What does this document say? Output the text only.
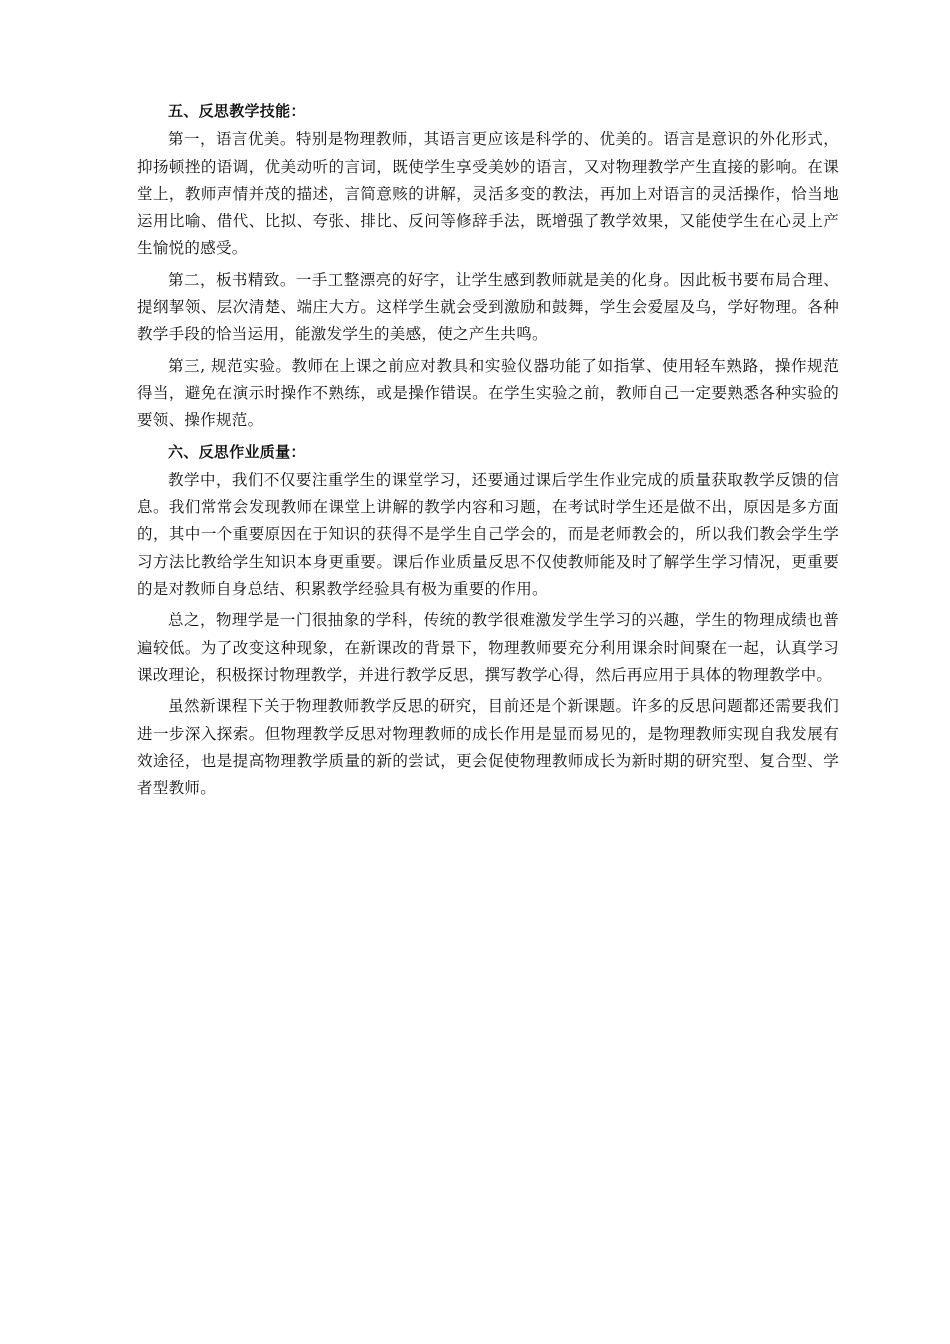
五、反思教学技能：

第一，语言优美。特别是物理教师，其语言更应该是科学的、优美的。语言是意识的外化形式，抑扬顿挫的语调，优美动听的言词，既使学生享受美妙的语言，又对物理教学产生直接的影响。在课堂上，教师声情并茂的描述，言简意赅的讲解，灵活多变的教法，再加上对语言的灵活操作，恰当地运用比喻、借代、比拟、夸张、排比、反问等修辞手法，既增强了教学效果，又能使学生在心灵上产生愉悦的感受。

第二，板书精致。一手工整漂亮的好字，让学生感到教师就是美的化身。因此板书要布局合理、提纲挈领、层次清楚、端庄大方。这样学生就会受到激励和鼓舞，学生会爱屋及乌，学好物理。各种教学手段的恰当运用，能激发学生的美感，使之产生共鸣。

第三, 规范实验。教师在上课之前应对教具和实验仪器功能了如指掌、使用轻车熟路，操作规范得当，避免在演示时操作不熟练，或是操作错误。在学生实验之前，教师自己一定要熟悉各种实验的要领、操作规范。

六、反思作业质量：

教学中，我们不仅要注重学生的课堂学习，还要通过课后学生作业完成的质量获取教学反馈的信息。我们常常会发现教师在课堂上讲解的教学内容和习题，在考试时学生还是做不出，原因是多方面的，其中一个重要原因在于知识的获得不是学生自己学会的，而是老师教会的，所以我们教会学生学习方法比教给学生知识本身更重要。课后作业质量反思不仅使教师能及时了解学生学习情况，更重要的是对教师自身总结、积累教学经验具有极为重要的作用。

总之，物理学是一门很抽象的学科，传统的教学很难激发学生学习的兴趣，学生的物理成绩也普遍较低。为了改变这种现象，在新课改的背景下，物理教师要充分利用课余时间聚在一起，认真学习课改理论，积极探讨物理教学，并进行教学反思，撰写教学心得，然后再应用于具体的物理教学中。

虽然新课程下关于物理教师教学反思的研究，目前还是个新课题。许多的反思问题都还需要我们进一步深入探索。但物理教学反思对物理教师的成长作用是显而易见的，是物理教师实现自我发展有效途径，也是提高物理教学质量的新的尝试，更会促使物理教师成长为新时期的研究型、复合型、学者型教师。
